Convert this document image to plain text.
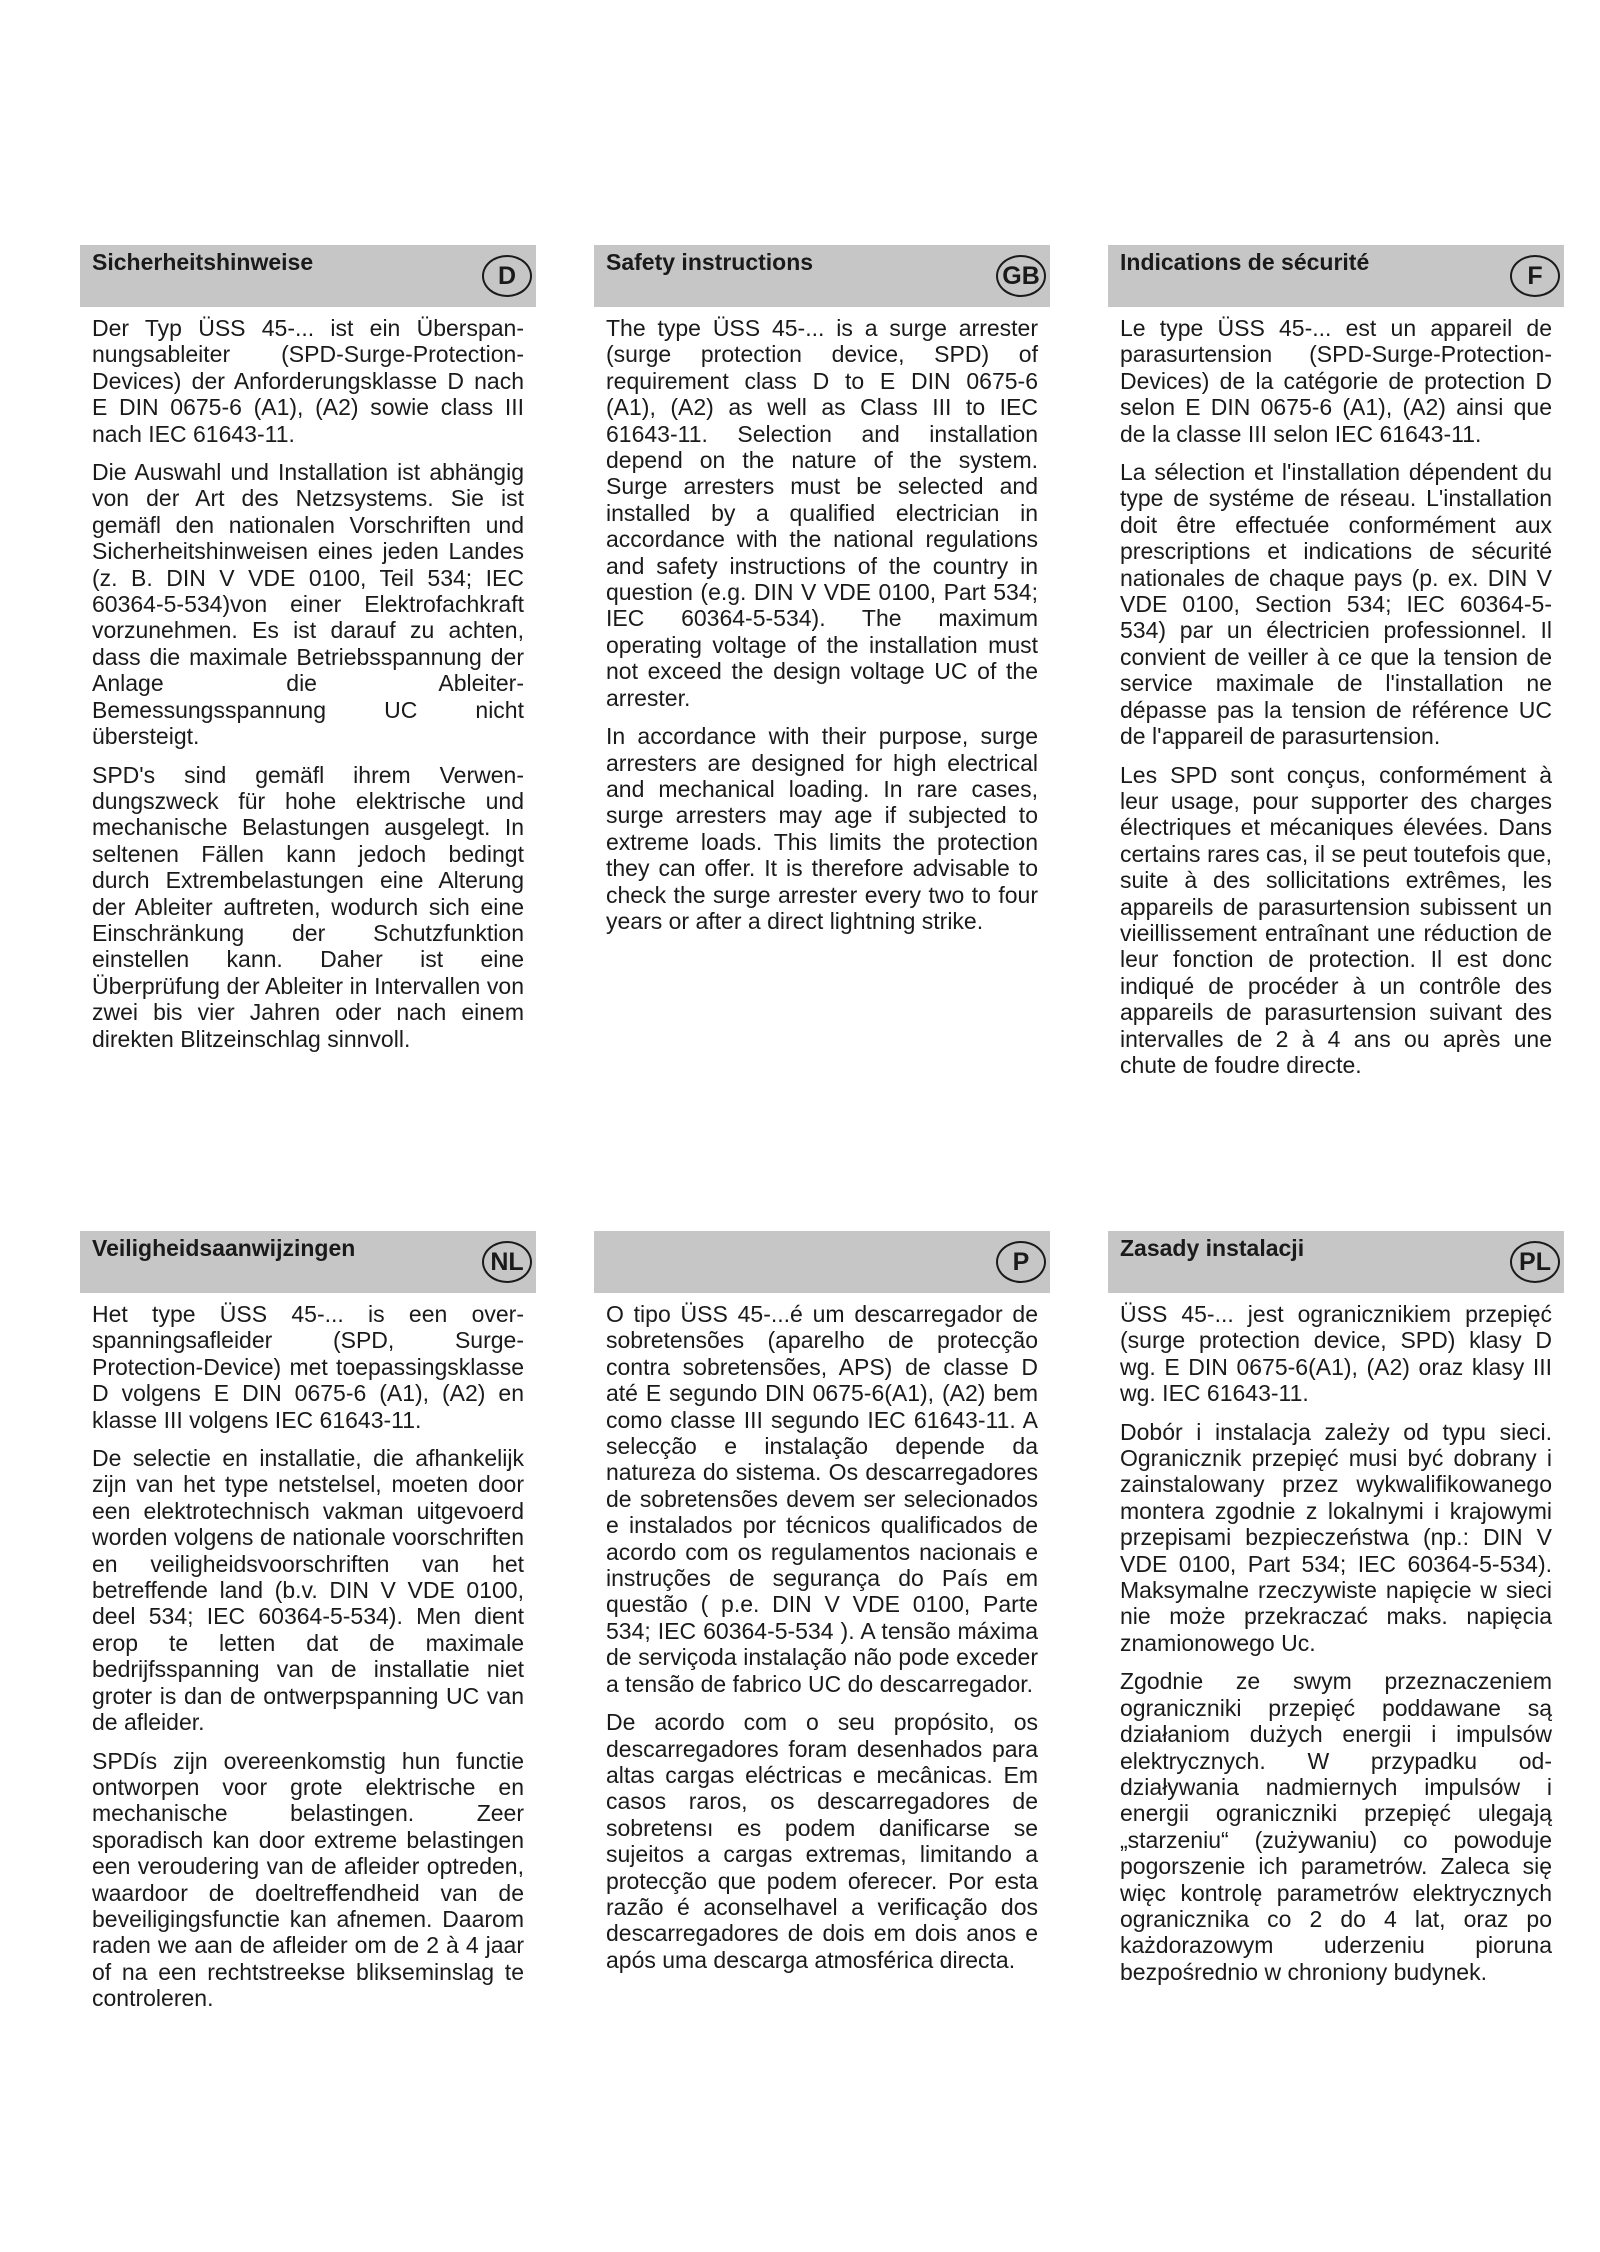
Sicherheitshinweise	D

Der Typ ÜSS 45-... ist ein Überspannungsableiter (SPD-Surge-Protection-Devices) der Anforderungsklasse D nach E DIN 0675-6 (A1), (A2) sowie class III nach IEC 61643-11.

Die Auswahl und Installation ist abhängig von der Art des Netzsystems. Sie ist gemäfl den nationalen Vorschriften und Sicherheitshinweisen eines jeden Landes (z. B. DIN V VDE 0100, Teil 534; IEC 60364-5-534)von einer Elektrofachkraft vorzunehmen. Es ist darauf zu achten, dass die maximale Betriebsspannung der Anlage die Ableiter-Bemessungsspannung UC nicht übersteigt.

SPD's sind gemäfl ihrem Verwendungszweck für hohe elektrische und mechanische Belastungen ausgelegt. In seltenen Fällen kann jedoch bedingt durch Extrembelastungen eine Alterung der Ableiter auftreten, wodurch sich eine Einschränkung der Schutzfunktion einstellen kann. Daher ist eine Überprüfung der Ableiter in Intervallen von zwei bis vier Jahren oder nach einem direkten Blitzeinschlag sinnvoll.

Safety instructions	GB

The type ÜSS 45-... is a surge arrester (surge protection device, SPD) of requirement class D to E DIN 0675-6 (A1), (A2) as well as Class III to IEC 61643-11. Selection and installation depend on the nature of the system. Surge arresters must be selected and installed by a qualified electrician in accordance with the national regulations and safety instructions of the country in question (e.g. DIN V VDE 0100, Part 534; IEC 60364-5-534). The maximum operating voltage of the installation must not exceed the design voltage UC of the arrester.

In accordance with their purpose, surge arresters are designed for high electrical and mechanical loading. In rare cases, surge arresters may age if subjected to extreme loads. This limits the protection they can offer. It is therefore advisable to check the surge arrester every two to four years or after a direct lightning strike.

Indications de sécurité	F

Le type ÜSS 45-... est un appareil de parasurtension (SPD-Surge-Protection-Devices) de la catégorie de protection D selon E DIN 0675-6 (A1), (A2) ainsi que de la classe III selon IEC 61643-11.

La sélection et l'installation dépendent du type de systéme de réseau. L'installation doit être effectuée conformément aux prescriptions et indications de sécurité nationales de chaque pays (p. ex. DIN V VDE 0100, Section 534; IEC 60364-5-534) par un électricien professionnel. Il convient de veiller à ce que la tension de service maximale de l'installation ne dépasse pas la tension de référence UC de l'appareil de parasurtension.

Les SPD sont conçus, conformément à leur usage, pour supporter des charges électriques et mécaniques élevées. Dans certains rares cas, il se peut toutefois que, suite à des sollicitations extrêmes, les appareils de parasurtension subissent un vieillissement entraînant une réduction de leur fonction de protection. Il est donc indiqué de procéder à un contrôle des appareils de parasurtension suivant des intervalles de 2 à 4 ans ou après une chute de foudre directe.

Veiligheidsaanwijzingen	NL

Het type ÜSS 45-... is een overspanningsafleider (SPD, Surge-Protection-Device) met toepassingsklasse D volgens E DIN 0675-6 (A1), (A2) en klasse III volgens IEC 61643-11.

De selectie en installatie, die afhankelijk zijn van het type netstelsel, moeten door een elektrotechnisch vakman uitgevoerd worden volgens de nationale voorschriften en veiligheidsvoorschriften van het betreffende land (b.v. DIN V VDE 0100, deel 534; IEC 60364-5-534). Men dient erop te letten dat de maximale bedrijfsspanning van de installatie niet groter is dan de ontwerpspanning UC van de afleider.

SPDís zijn overeenkomstig hun functie ontworpen voor grote elektrische en mechanische belastingen. Zeer sporadisch kan door extreme belastingen een veroudering van de afleider optreden, waardoor de doeltreffendheid van de beveiligingsfunctie kan afnemen. Daarom raden we aan de afleider om de 2 à 4 jaar of na een rechtstreekse blikseminslag te controleren.

P

O tipo ÜSS 45-...é um descarregador de sobretensões (aparelho de protecção contra sobretensões, APS) de classe D até E segundo DIN 0675-6(A1), (A2) bem como classe III segundo IEC 61643-11. A selecção e instalação depende da natureza do sistema. Os descarregadores de sobretensões devem ser selecionados e instalados por técnicos qualificados de acordo com os regulamentos nacionais e instruções de segurança do País em questão ( p.e. DIN V VDE 0100, Parte 534; IEC 60364-5-534 ). A tensão máxima de serviçoda instalação não pode exceder a tensão de fabrico UC do descarregador.

De acordo com o seu propósito, os descarregadores foram desenhados para altas cargas eléctricas e mecânicas. Em casos raros, os descarregadores de sobretensı es podem danificarse se sujeitos a cargas extremas, limitando a protecção que podem oferecer. Por esta razão é aconselhavel a verificação dos descarregadores de dois em dois anos e após uma descarga atmosférica directa.

Zasady instalacji	PL

ÜSS 45-... jest ogranicznikiem przepięć (surge protection device, SPD) klasy D wg. E DIN 0675-6(A1), (A2) oraz klasy III wg. IEC 61643-11.

Dobór i instalacja zależy od typu sieci. Ogranicznik przepięć musi być dobrany i zainstalowany przez wykwalifikowanego montera zgodnie z lokalnymi i krajowymi przepisami bezpieczeństwa (np.: DIN V VDE 0100, Part 534; IEC 60364-5-534). Maksymalne rzeczywiste napięcie w sieci nie może przekraczać maks. napięcia znamionowego Uc.

Zgodnie ze swym przeznaczeniem ograniczniki przepięć poddawane są działaniom dużych energii i impulsów elektrycznych. W przypadku oddziaływania nadmiernych impulsów i energii ograniczniki przepięć ulegają „starzeniu“ (zużywaniu) co powoduje pogorszenie ich parametrów. Zaleca się więc kontrolę parametrów elektrycznych ogranicznika co 2 do 4 lat, oraz po każdorazowym uderzeniu pioruna bezpośrednio w chroniony budynek.
